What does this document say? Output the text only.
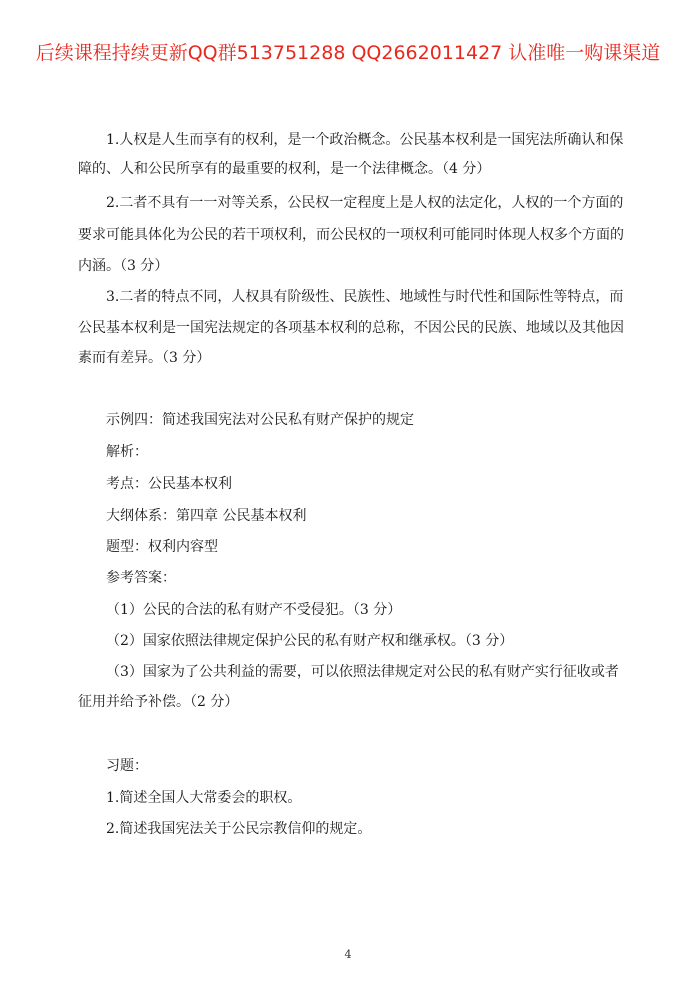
后续课程持续更新QQ群513751288 QQ2662011427 认准唯一购课渠道
1.人权是人生而享有的权利，是一个政治概念。公民基本权利是一国宪法所确认和保
障的、人和公民所享有的最重要的权利，是一个法律概念。（4 分）
2.二者不具有一一对等关系，公民权一定程度上是人权的法定化，人权的一个方面的
要求可能具体化为公民的若干项权利，而公民权的一项权利可能同时体现人权多个方面的
内涵。（3 分）
3.二者的特点不同，人权具有阶级性、民族性、地域性与时代性和国际性等特点，而
公民基本权利是一国宪法规定的各项基本权利的总称，不因公民的民族、地域以及其他因
素而有差异。（3 分）
示例四：简述我国宪法对公民私有财产保护的规定
解析：
考点：公民基本权利
大纲体系：第四章 公民基本权利
题型：权利内容型
参考答案：
（1）公民的合法的私有财产不受侵犯。（3 分）
（2）国家依照法律规定保护公民的私有财产权和继承权。（3 分）
（3）国家为了公共利益的需要，可以依照法律规定对公民的私有财产实行征收或者
征用并给予补偿。（2 分）
习题：
1.简述全国人大常委会的职权。
2.简述我国宪法关于公民宗教信仰的规定。
4
